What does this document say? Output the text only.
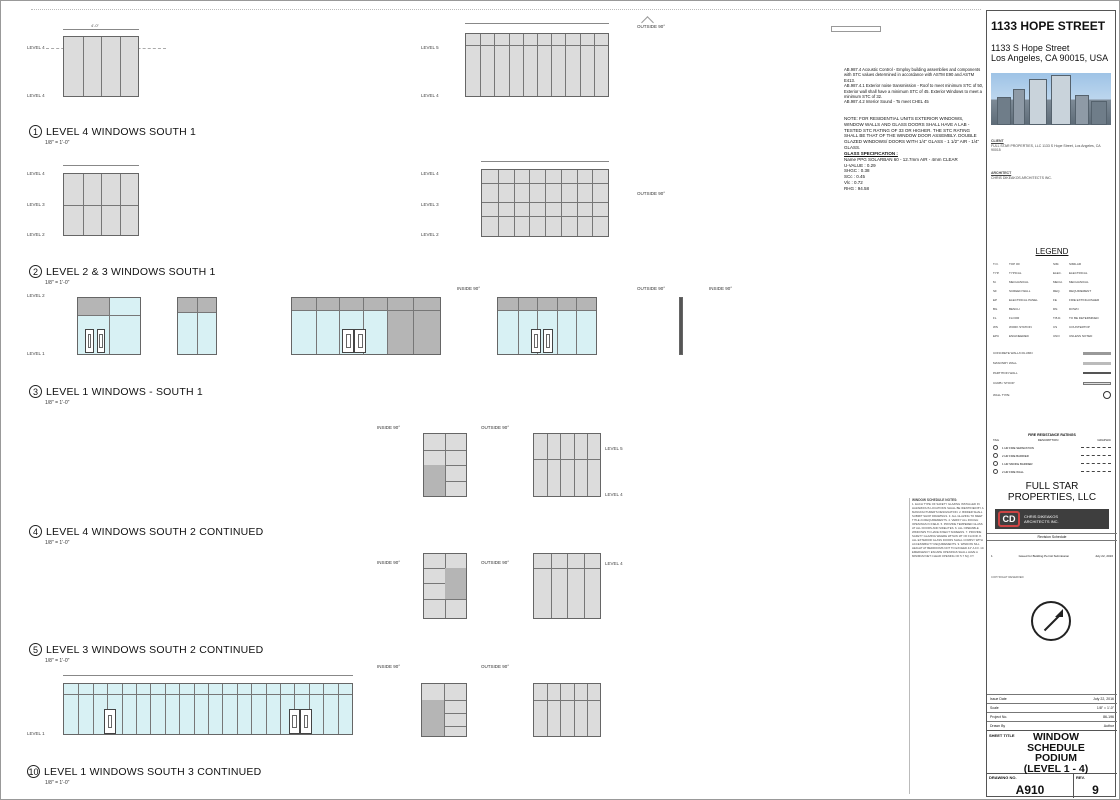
LEVEL 4
LEVEL 4
4'-0"
LEVEL 5
LEVEL 4
OUTSIDE 90°
1 LEVEL 4 WINDOWS SOUTH 1
1/8" = 1'-0"
LEVEL 4
LEVEL 3
LEVEL 2
LEVEL 4
LEVEL 3
LEVEL 2
OUTSIDE 90°
2 LEVEL 2 & 3 WINDOWS SOUTH 1
1/8" = 1'-0"
LEVEL 2
LEVEL 1
INSIDE 90°	OUTSIDE 90°	INSIDE 90°
3 LEVEL 1 WINDOWS - SOUTH 1
1/8" = 1'-0"
INSIDE 90°	OUTSIDE 90°
LEVEL 5
LEVEL 4
4 LEVEL 4 WINDOWS SOUTH 2 CONTINUED
1/8" = 1'-0"
INSIDE 90°	OUTSIDE 90°	LEVEL 4
5 LEVEL 3 WINDOWS SOUTH 2 CONTINUED
1/8" = 1'-0"
LEVEL 1
INSIDE 90°	OUTSIDE 90°
10 LEVEL 1 WINDOWS SOUTH 3 CONTINUED
1/8" = 1'-0"
AB.987.4 Acoustic Control - Employ building assemblies and components with STC values determined in accordance with ASTM E90 and ASTM E413.
AB.987.4.1 Exterior noise transmission - Roof to meet minimum STC of 50, Exterior wall shall have a minimum STC of 45. Exterior Windows to meet a minimum STC of 32.
AB.987.4.2 Interior Sound - To meet CHEL 45
NOTE: FOR RESIDENTIAL UNITS EXTERIOR WINDOWS, WINDOW WALLS AND GLASS DOORS SHALL HAVE A LAB - TESTED STC RATING OF 33 OR HIGHER. THE STC RATING SHALL BE THAT OF THE WINDOW DOOR ASSEMBLY. DOUBLE GLAZED WINDOWS/ DOORS WITH 1/4" GLASS - 1 1/2" AIR - 1/4" GLASS.
GLASS SPECIFICATION :
Name PPG SOLARBAN 60 - 12.7mm AIR - 4mm CLEAR
U-VALUE : 0.29
SHGC : 0.38
SCc : 0.45
Vlc : 0.72
RHG : 94.58
WINDOW SCHEDULE NOTES:
1. EACH TYPE OF SAFETY GLAZING INSTALLED IN HAZARDOUS LOCATIONS SHALL BE IDENTIFIED BY A MANUFACTURER'S DESIGNATION. 2. BIDDER SHALL SUBMIT SHOP DRAWINGS. 3. ALL GLAZING TO MEET TITLE 24 REQUIREMENTS. 4. VERIFY ALL ROUGH OPENINGS IN FIELD. 5. PROVIDE TEMPERED GLASS AT ALL DOORS AND SIDELITES. 6. ALL OPERABLE WINDOWS TO HAVE INSECT SCREENS. 7. PROVIDE SAFETY GLAZING WHERE WITHIN 18" OF FLOOR. 8. ALL EXTERIOR GLASS DOORS SHALL COMPLY WITH ACCESSIBILITY REQUIREMENTS. 9. WINDOW SILL HEIGHT AT BEDROOMS NOT TO EXCEED 44" A.F.F. 10. EMERGENCY ESCAPE OPENINGS SHALL HAVE A MINIMUM NET CLEAR OPENING OF 5.7 SQ. FT.
1133 HOPE STREET
1133 S Hope Street
Los Angeles, CA 90015, USA
CLIENT
FULL STAR PROPERTIES, LLC 1133 S Hope Street, Los Angeles, CA 90015
ARCHITECT
CHRIS DIKEAKOS ARCHITECTS INC.
LEGEND
T.O.	TOP OF	SIM.	SIMILAR
TYP.	TYPICAL	ELEC.	ELECTRICAL
M.	MECHANICAL	MECH.	MECHANICAL
SF	SCREEN WALL	REQ.	REQUIREMENT
EP	ELECTRICAL PANEL	FE	FIRE EXTINGUISHER
BG	BENCH	DN.	DOWN
FL	FLOOR	T.B.D.	TO BE DETERMINED
WS	WORK STATION	CS	COUNTERTOP
EPC	ENGINEERED	UNO	UNLESS NOTED
CONCRETE WALL/COLUMN
MASONRY WALL
PARTITION WALL
CURB / STOOP
WALL TYPE
FIRE RESISTANCE RATINGS
TAG	DESCRIPTION	GRAPHIC
1 HR FIRE SEPARATION
2 HR FIRE BARRIER
1 HR SMOKE BARRIER
2 HR FIRE WALL
FULL STAR
PROPERTIES, LLC
CD	CHRIS DIKEAKOS
ARCHITECTS INC.
Revision Schedule
1	Issued for Building Permit Submission	July 22, 2016
COPYRIGHT RESERVED
Issue Date	July 22, 2016
Scale	1/8" = 1'-0"
Project No.	86-196
Drawn By	Author
SHEET TITLE	WINDOW
SCHEDULE
PODIUM
(LEVEL 1 - 4)
DRAWING NO.
A910
REV.
9
